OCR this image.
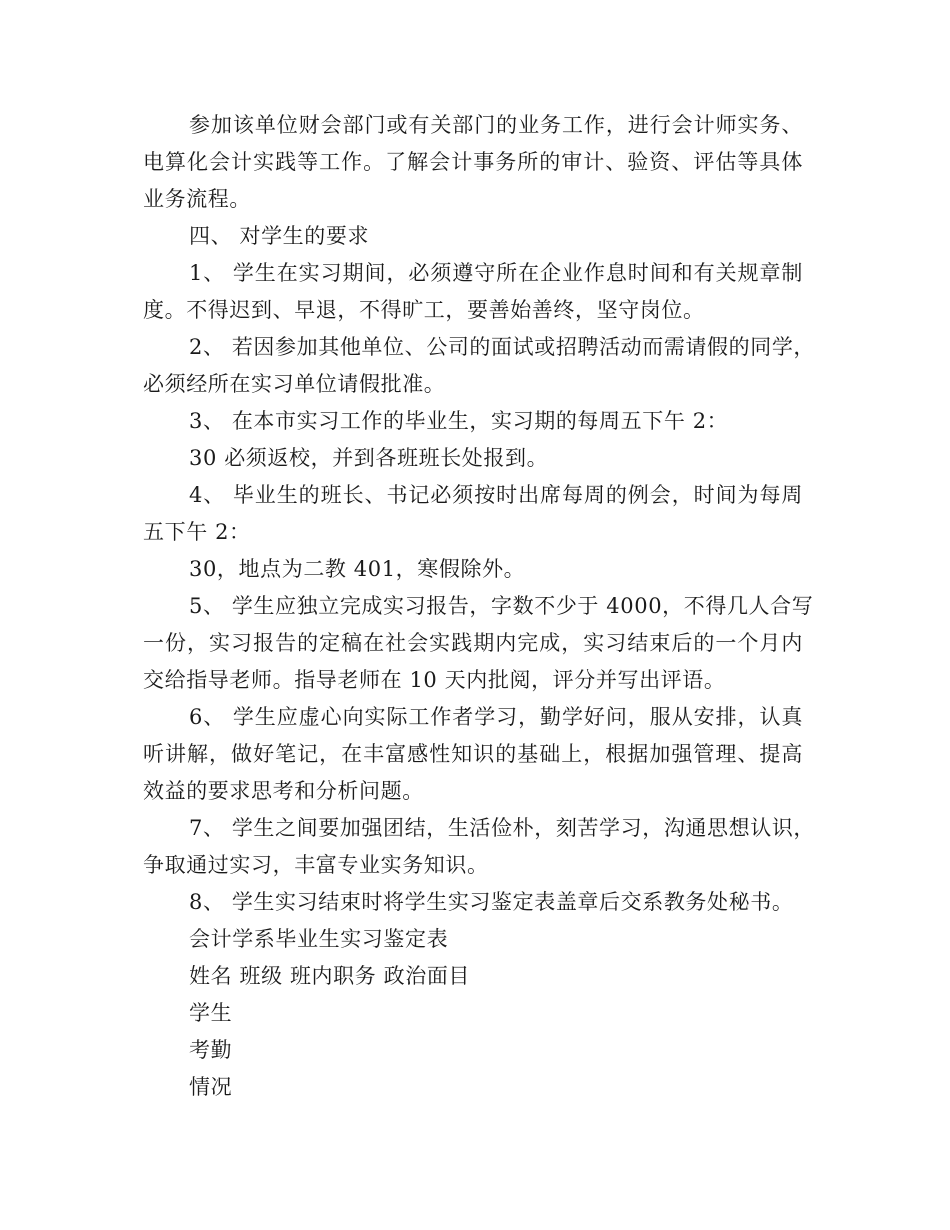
参加该单位财会部门或有关部门的业务工作，进行会计师实务、
电算化会计实践等工作。了解会计事务所的审计、验资、评估等具体
业务流程。
四、 对学生的要求
1、 学生在实习期间，必须遵守所在企业作息时间和有关规章制
度。不得迟到、早退，不得旷工，要善始善终，坚守岗位。
2、 若因参加其他单位、公司的面试或招聘活动而需请假的同学，
必须经所在实习单位请假批准。
3、 在本市实习工作的毕业生，实习期的每周五下午 2：
30 必须返校，并到各班班长处报到。
4、 毕业生的班长、书记必须按时出席每周的例会，时间为每周
五下午 2：
30，地点为二教 401，寒假除外。
5、 学生应独立完成实习报告，字数不少于 4000，不得几人合写
一份，实习报告的定稿在社会实践期内完成，实习结束后的一个月内
交给指导老师。指导老师在 10 天内批阅，评分并写出评语。
6、 学生应虚心向实际工作者学习，勤学好问，服从安排，认真
听讲解，做好笔记，在丰富感性知识的基础上，根据加强管理、提高
效益的要求思考和分析问题。
7、 学生之间要加强团结，生活俭朴，刻苦学习，沟通思想认识，
争取通过实习，丰富专业实务知识。
8、 学生实习结束时将学生实习鉴定表盖章后交系教务处秘书。
会计学系毕业生实习鉴定表
姓名 班级 班内职务 政治面目
学生
考勤
情况
